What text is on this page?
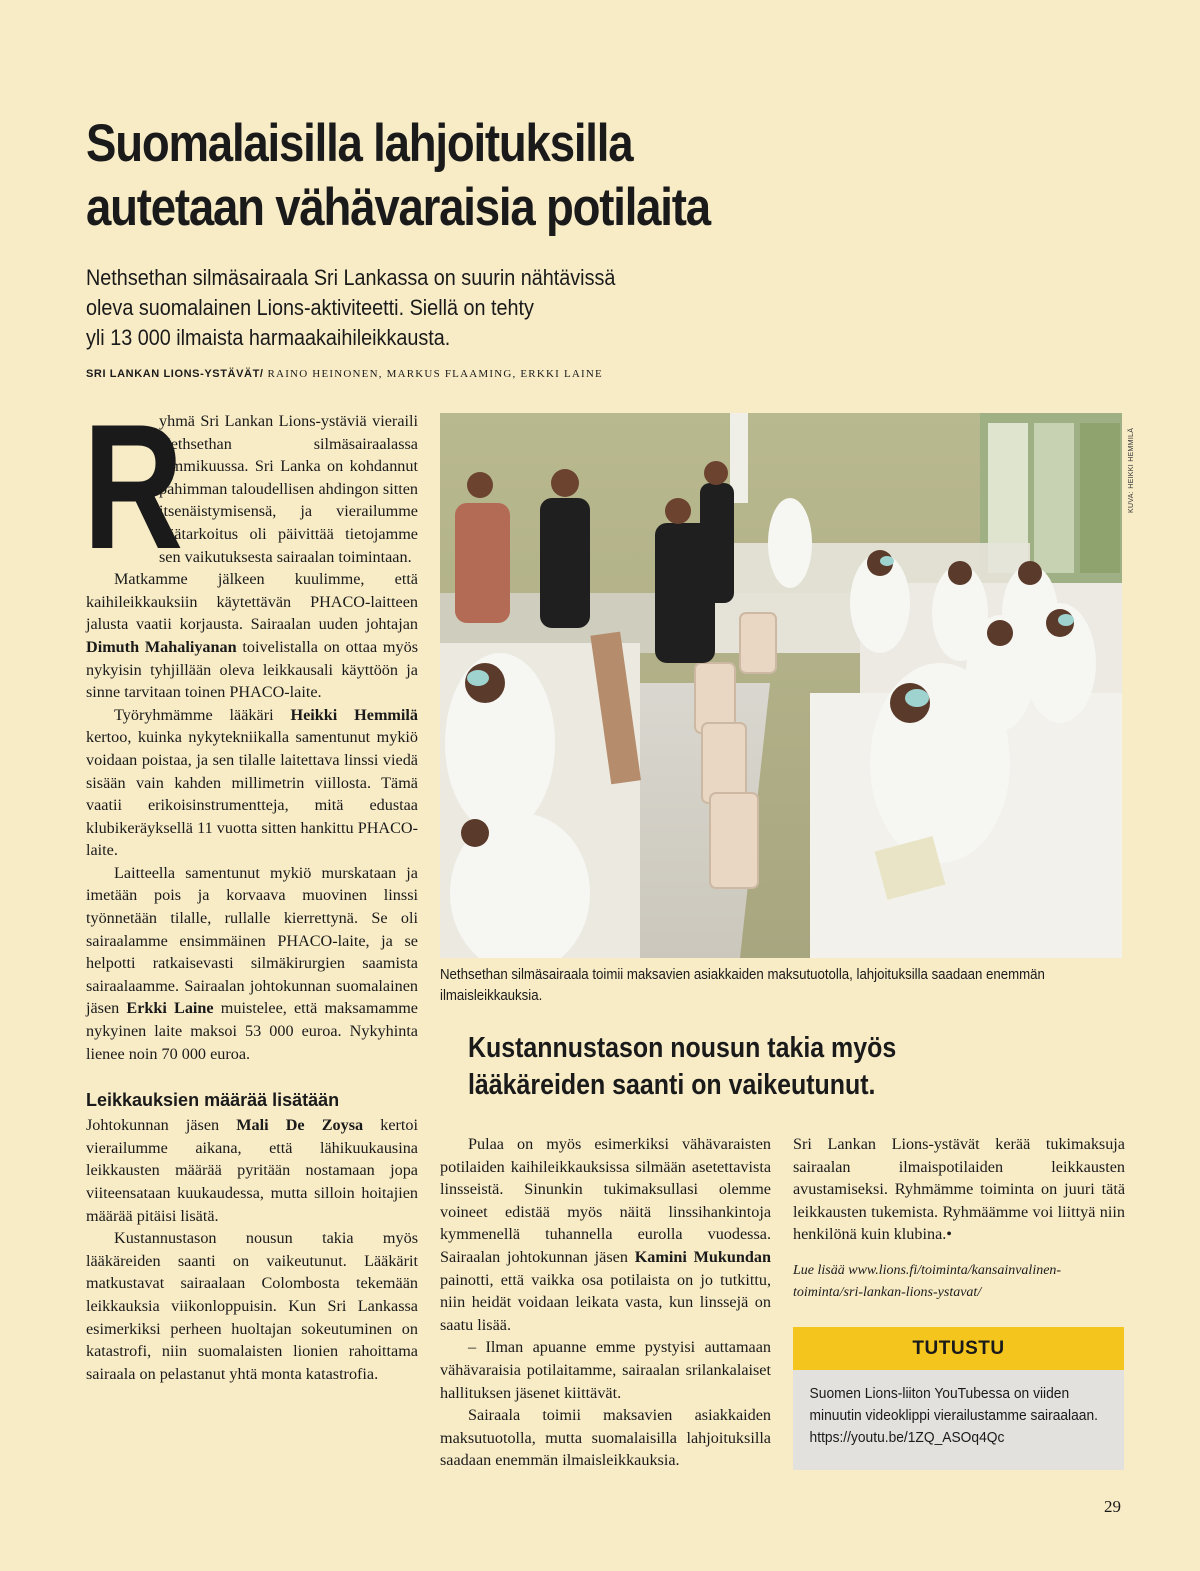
Suomalaisilla lahjoituksilla
autetaan vähävaraisia potilaita

Nethsethan silmäsairaala Sri Lankassa on suurin nähtävissä
oleva suomalainen Lions-aktiviteetti. Siellä on tehty
yli 13 000 ilmaista harmaakaihileikkausta.

SRI LANKAN LIONS-YSTÄVÄT/ RAINO HEINONEN, MARKUS FLAAMING, ERKKI LAINE

R
yhmä Sri Lankan Lions-ystäviä vieraili Nethsethan silmäsairaalassa tammikuussa. Sri Lanka on kohdannut pahimman taloudellisen ahdingon sitten itsenäistymisensä, ja vierailumme päätarkoitus oli päivittää tietojamme sen vaikutuksesta sairaalan toimintaan.

Matkamme jälkeen kuulimme, että kaihileikkauksiin käytettävän PHACO-laitteen jalusta vaatii korjausta. Sairaalan uuden johtajan Dimuth Mahaliyanan toivelistalla on ottaa myös nykyisin tyhjillään oleva leikkausali käyttöön ja sinne tarvitaan toinen PHACO-laite.

Työryhmämme lääkäri Heikki Hemmilä kertoo, kuinka nykytekniikalla samentunut mykiö voidaan poistaa, ja sen tilalle laitettava linssi viedä sisään vain kahden millimetrin viillosta. Tämä vaatii erikoisinstrumentteja, mitä edustaa klubikeräyksellä 11 vuotta sitten hankittu PHACO-laite.

Laitteella samentunut mykiö murskataan ja imetään pois ja korvaava muovinen linssi työnnetään tilalle, rullalle kierrettynä. Se oli sairaalamme ensimmäinen PHACO-laite, ja se helpotti ratkaisevasti silmäkirurgien saamista sairaalaamme. Sairaalan johtokunnan suomalainen jäsen Erkki Laine muistelee, että maksamamme nykyinen laite maksoi 53 000 euroa. Nykyhinta lienee noin 70 000 euroa.

Leikkauksien määrää lisätään

Johtokunnan jäsen Mali De Zoysa kertoi vierailumme aikana, että lähikuukausina leikkausten määrää pyritään nostamaan jopa viiteensataan kuukaudessa, mutta silloin hoitajien määrää pitäisi lisätä.

Kustannustason nousun takia myös lääkäreiden saanti on vaikeutunut. Lääkärit matkustavat sairaalaan Colombosta tekemään leikkauksia viikonloppuisin. Kun Sri Lankassa esimerkiksi perheen huoltajan sokeutuminen on katastrofi, niin suomalaisten lionien rahoittama sairaala on pelastanut yhtä monta katastrofia.

KUVA: HEIKKI HEMMILÄ

Nethsethan silmäsairaala toimii maksavien asiakkaiden maksutuotolla, lahjoituksilla saadaan enemmän ilmaisleikkauksia.

Kustannustason nousun takia myös
lääkäreiden saanti on vaikeutunut.

Pulaa on myös esimerkiksi vähävaraisten potilaiden kaihileikkauksissa silmään asetettavista linsseistä. Sinunkin tukimaksullasi olemme voineet edistää myös näitä linssihankintoja kymmenellä tuhannella eurolla vuodessa. Sairaalan johtokunnan jäsen Kamini Mukundan painotti, että vaikka osa potilaista on jo tutkittu, niin heidät voidaan leikata vasta, kun linssejä on saatu lisää.

– Ilman apuanne emme pystyisi auttamaan vähävaraisia potilaitamme, sairaalan srilankalaiset hallituksen jäsenet kiittävät.

Sairaala toimii maksavien asiakkaiden maksutuotolla, mutta suomalaisilla lahjoituksilla saadaan enemmän ilmaisleikkauksia.

Sri Lankan Lions-ystävät kerää tukimaksuja sairaalan ilmaispotilaiden leikkausten avustamiseksi. Ryhmämme toiminta on juuri tätä leikkausten tukemista. Ryhmäämme voi liittyä niin henkilönä kuin klubina.•

Lue lisää www.lions.fi/toiminta/kansainvalinen-toiminta/sri-lankan-lions-ystavat/

TUTUSTU
Suomen Lions-liiton YouTubessa on viiden minuutin videoklippi vierailustamme sairaalaan. https://youtu.be/1ZQ_ASOq4Qc
29
